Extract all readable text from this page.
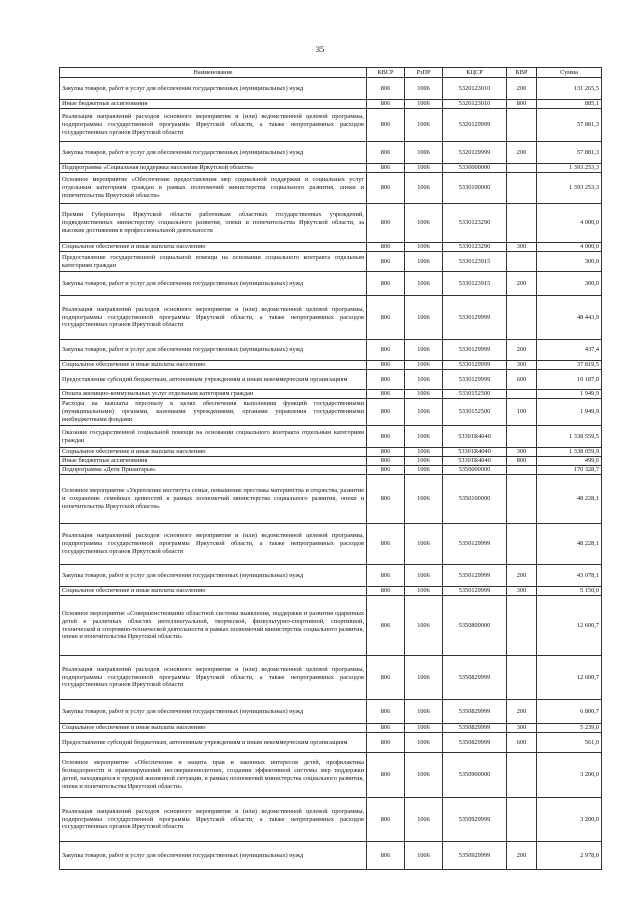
35
Наименование	КВСР	РзПР	КЦСР	КВР	Сумма
Закупка товаров, работ и услуг для обеспечения государственных (муниципальных) нужд	806	1006	5320123010	200	131 265,5
Иные бюджетные ассигнования	806	1006	5320123010	800	885,1
Реализация направлений расходов основного мероприятия и (или) ведомственной целевой программы, подпрограммы государственной программы Иркутской области, а также непрограммных расходов государственных органов Иркутской области	806	1006	5320129999		57 881,3
Закупка товаров, работ и услуг для обеспечения государственных (муниципальных) нужд	806	1006	5320129999	200	57 881,3
Подпрограмма «Социальная поддержка населения Иркутской области»	806	1006	5330000000		1 393 253,3
Основное мероприятие «Обеспечение предоставления мер социальной поддержки и социальных услуг отдельным категориям граждан в рамках полномочий министерства социального развития, опеки и попечительства Иркутской области»	806	1006	5330100000		1 393 253,3
Премии Губернатора Иркутской области работникам областных государственных учреждений, подведомственных министерству социального развития, опеки и попечительства Иркутской области, за высокие достижения в профессиональной деятельности	806	1006	5330123290		4 000,0
Социальное обеспечение и иные выплаты населению	806	1006	5330123290	300	4 000,0
Предоставление государственной социальной помощи на основании социального контракта отдельным категориям граждан	806	1006	5330123915		300,0
Закупка товаров, работ и услуг для обеспечения государственных (муниципальных) нужд	806	1006	5330123915	200	300,0
Реализация направлений расходов основного мероприятия и (или) ведомственной целевой программы, подпрограммы государственной программы Иркутской области, а также непрограммных расходов государственных органов Иркутской области	806	1006	5330129999		48 443,9
Закупка товаров, работ и услуг для обеспечения государственных (муниципальных) нужд	806	1006	5330129999	200	437,4
Социальное обеспечение и иные выплаты населению	806	1006	5330129999	300	37 819,5
Предоставление субсидий бюджетным, автономным учреждениям и иным некоммерческим организациям	806	1006	5330129999	600	10 187,0
Оплата жилищно-коммунальных услуг отдельным категориям граждан	806	1006	5330152500		1 949,9
Расходы на выплаты персоналу в целях обеспечения выполнения функций государственными (муниципальными) органами, казенными учреждениями, органами управления государственными внебюджетными фондами	806	1006	5330152500	100	1 949,9
Оказание государственной социальной помощи на основании социального контракта отдельным категориям граждан	806	1006	53301R4040		1 338 559,5
Социальное обеспечение и иные выплаты населению	806	1006	53301R4040	300	1 338 059,9
Иные бюджетные ассигнования	806	1006	53301R4040	800	499,6
Подпрограмма «Дети Приангарья»	806	1006	5350000000		170 328,7
Основное мероприятие «Укрепление института семьи, повышение престижа материнства и отцовства, развитие и сохранение семейных ценностей в рамках полномочий министерства социального развития, опеки и попечительства Иркутской области»	806	1006	5350100000		48 228,1
Реализация направлений расходов основного мероприятия и (или) ведомственной целевой программы, подпрограммы государственной программы Иркутской области, а также непрограммных расходов государственных органов Иркутской области	806	1006	5350129999		48 228,1
Закупка товаров, работ и услуг для обеспечения государственных (муниципальных) нужд	806	1006	5350129999	200	43 078,1
Социальное обеспечение и иные выплаты населению	806	1006	5350129999	300	5 150,0
Основное мероприятие «Совершенствование областной системы выявления, поддержки и развития одаренных детей в различных областях интеллектуальной, творческой, физкультурно-спортивной, спортивной, технической и спортивно-технической деятельности в рамках полномочий министерства социального развития, опеки и попечительства Иркутской области»	806	1006	5350800000		12 600,7
Реализация направлений расходов основного мероприятия и (или) ведомственной целевой программы, подпрограммы государственной программы Иркутской области, а также непрограммных расходов государственных органов Иркутской области	806	1006	5350829999		12 600,7
Закупка товаров, работ и услуг для обеспечения государственных (муниципальных) нужд	806	1006	5350829999	200	6 800,7
Социальное обеспечение и иные выплаты населению	806	1006	5350829999	300	5 239,0
Предоставление субсидий бюджетным, автономным учреждениям и иным некоммерческим организациям	806	1006	5350829999	600	561,0
Основное мероприятие «Обеспечение и защита прав и законных интересов детей, профилактика безнадзорности и правонарушений несовершеннолетних, создания эффективной системы мер поддержки детей, находящихся в трудной жизненной ситуации, в рамках полномочий министерства социального развития, опеки и попечительства Иркутской области»	806	1006	5350900000		3 200,0
Реализация направлений расходов основного мероприятия и (или) ведомственной целевой программы, подпрограммы государственной программы Иркутской области, а также непрограммных расходов государственных органов Иркутской области	806	1006	5350929999		3 200,0
Закупка товаров, работ и услуг для обеспечения государственных (муниципальных) нужд	806	1006	5350929999	200	2 978,0
